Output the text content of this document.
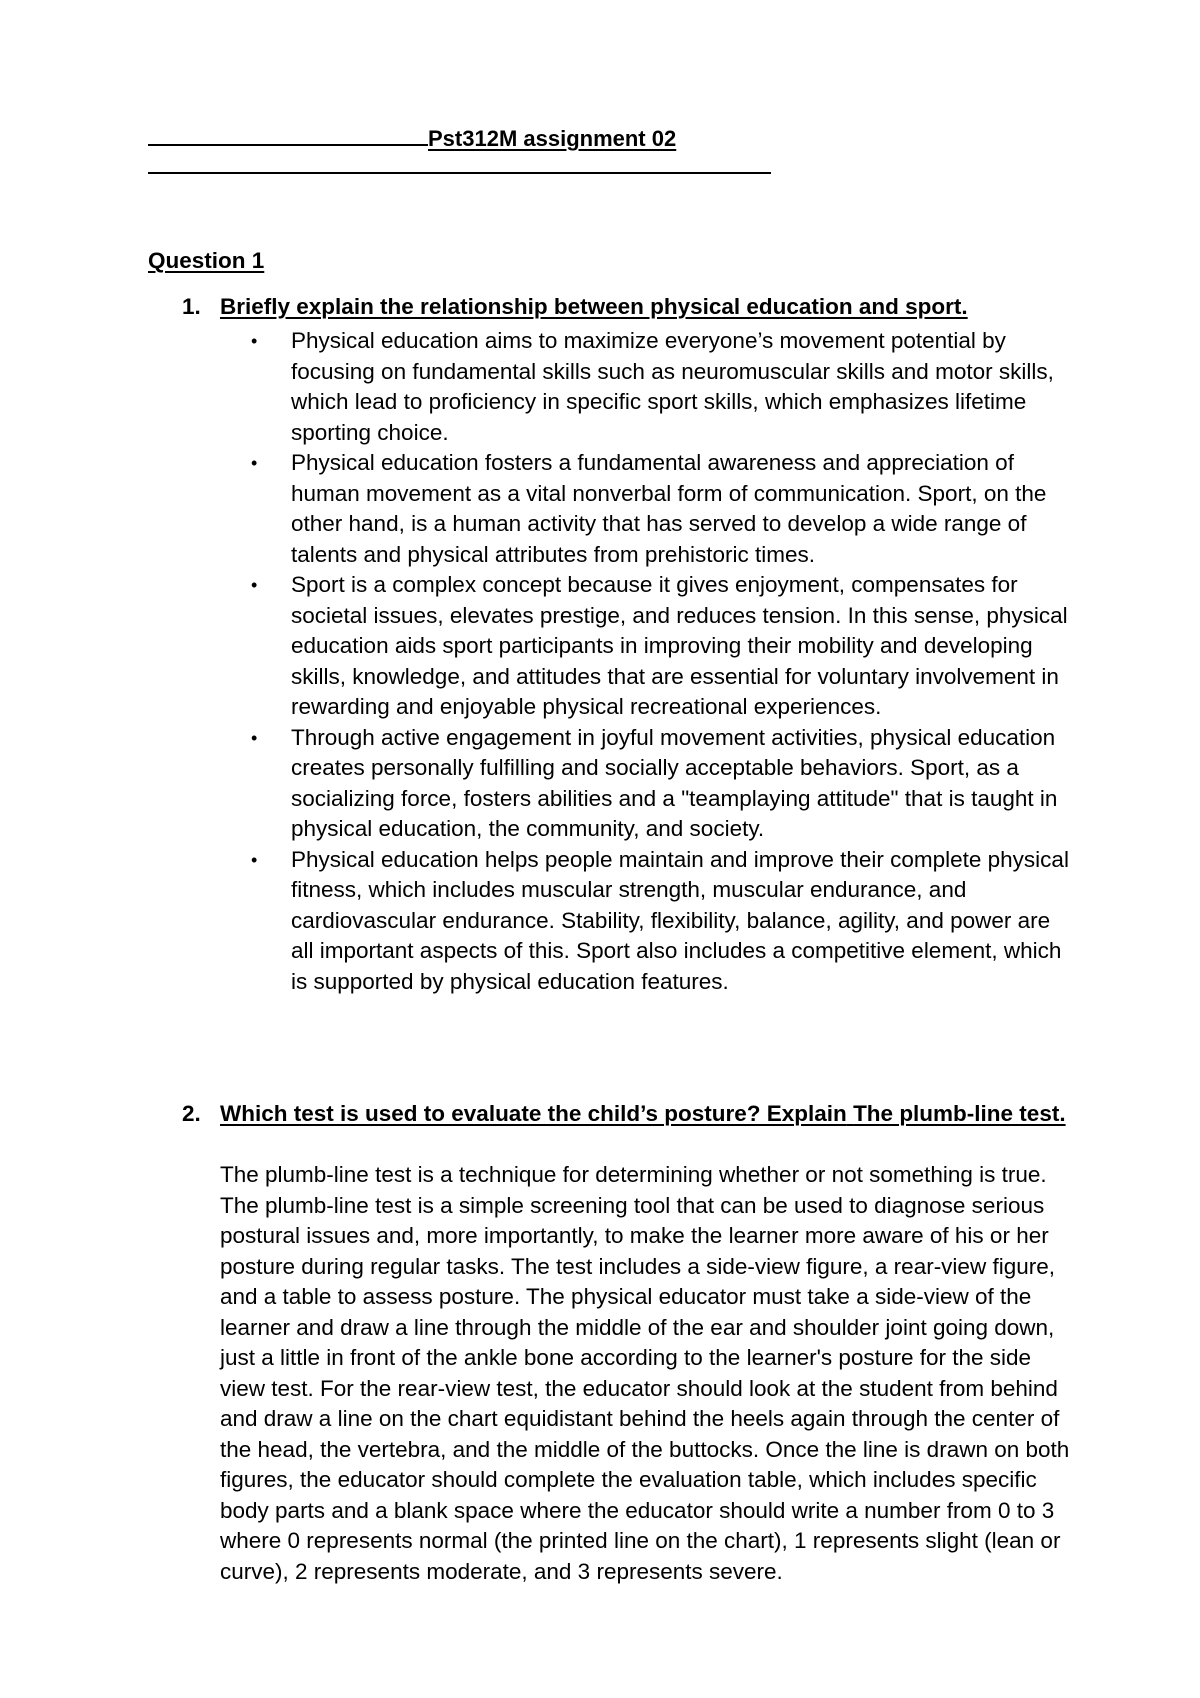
Pst312M assignment 02
Question 1
1. Briefly explain the relationship between physical education and sport.
•	Physical education aims to maximize everyone’s movement potential by focusing on fundamental skills such as neuromuscular skills and motor skills, which lead to proficiency in specific sport skills, which emphasizes lifetime sporting choice.
•	Physical education fosters a fundamental awareness and appreciation of human movement as a vital nonverbal form of communication. Sport, on the other hand, is a human activity that has served to develop a wide range of talents and physical attributes from prehistoric times.
•	Sport is a complex concept because it gives enjoyment, compensates for societal issues, elevates prestige, and reduces tension. In this sense, physical education aids sport participants in improving their mobility and developing skills, knowledge, and attitudes that are essential for voluntary involvement in rewarding and enjoyable physical recreational experiences.
•	Through active engagement in joyful movement activities, physical education creates personally fulfilling and socially acceptable behaviors. Sport, as a socializing force, fosters abilities and a "teamplaying attitude" that is taught in physical education, the community, and society.
•	Physical education helps people maintain and improve their complete physical fitness, which includes muscular strength, muscular endurance, and cardiovascular endurance. Stability, flexibility, balance, agility, and power are all important aspects of this. Sport also includes a competitive element, which is supported by physical education features.
2. Which test is used to evaluate the child’s posture? Explain The plumb-line test.

The plumb-line test is a technique for determining whether or not something is true. The plumb-line test is a simple screening tool that can be used to diagnose serious postural issues and, more importantly, to make the learner more aware of his or her posture during regular tasks. The test includes a side-view figure, a rear-view figure, and a table to assess posture. The physical educator must take a side-view of the learner and draw a line through the middle of the ear and shoulder joint going down, just a little in front of the ankle bone according to the learner's posture for the side view test. For the rear-view test, the educator should look at the student from behind and draw a line on the chart equidistant behind the heels again through the center of the head, the vertebra, and the middle of the buttocks. Once the line is drawn on both figures, the educator should complete the evaluation table, which includes specific body parts and a blank space where the educator should write a number from 0 to 3 where 0 represents normal (the printed line on the chart), 1 represents slight (lean or curve), 2 represents moderate, and 3 represents severe.
